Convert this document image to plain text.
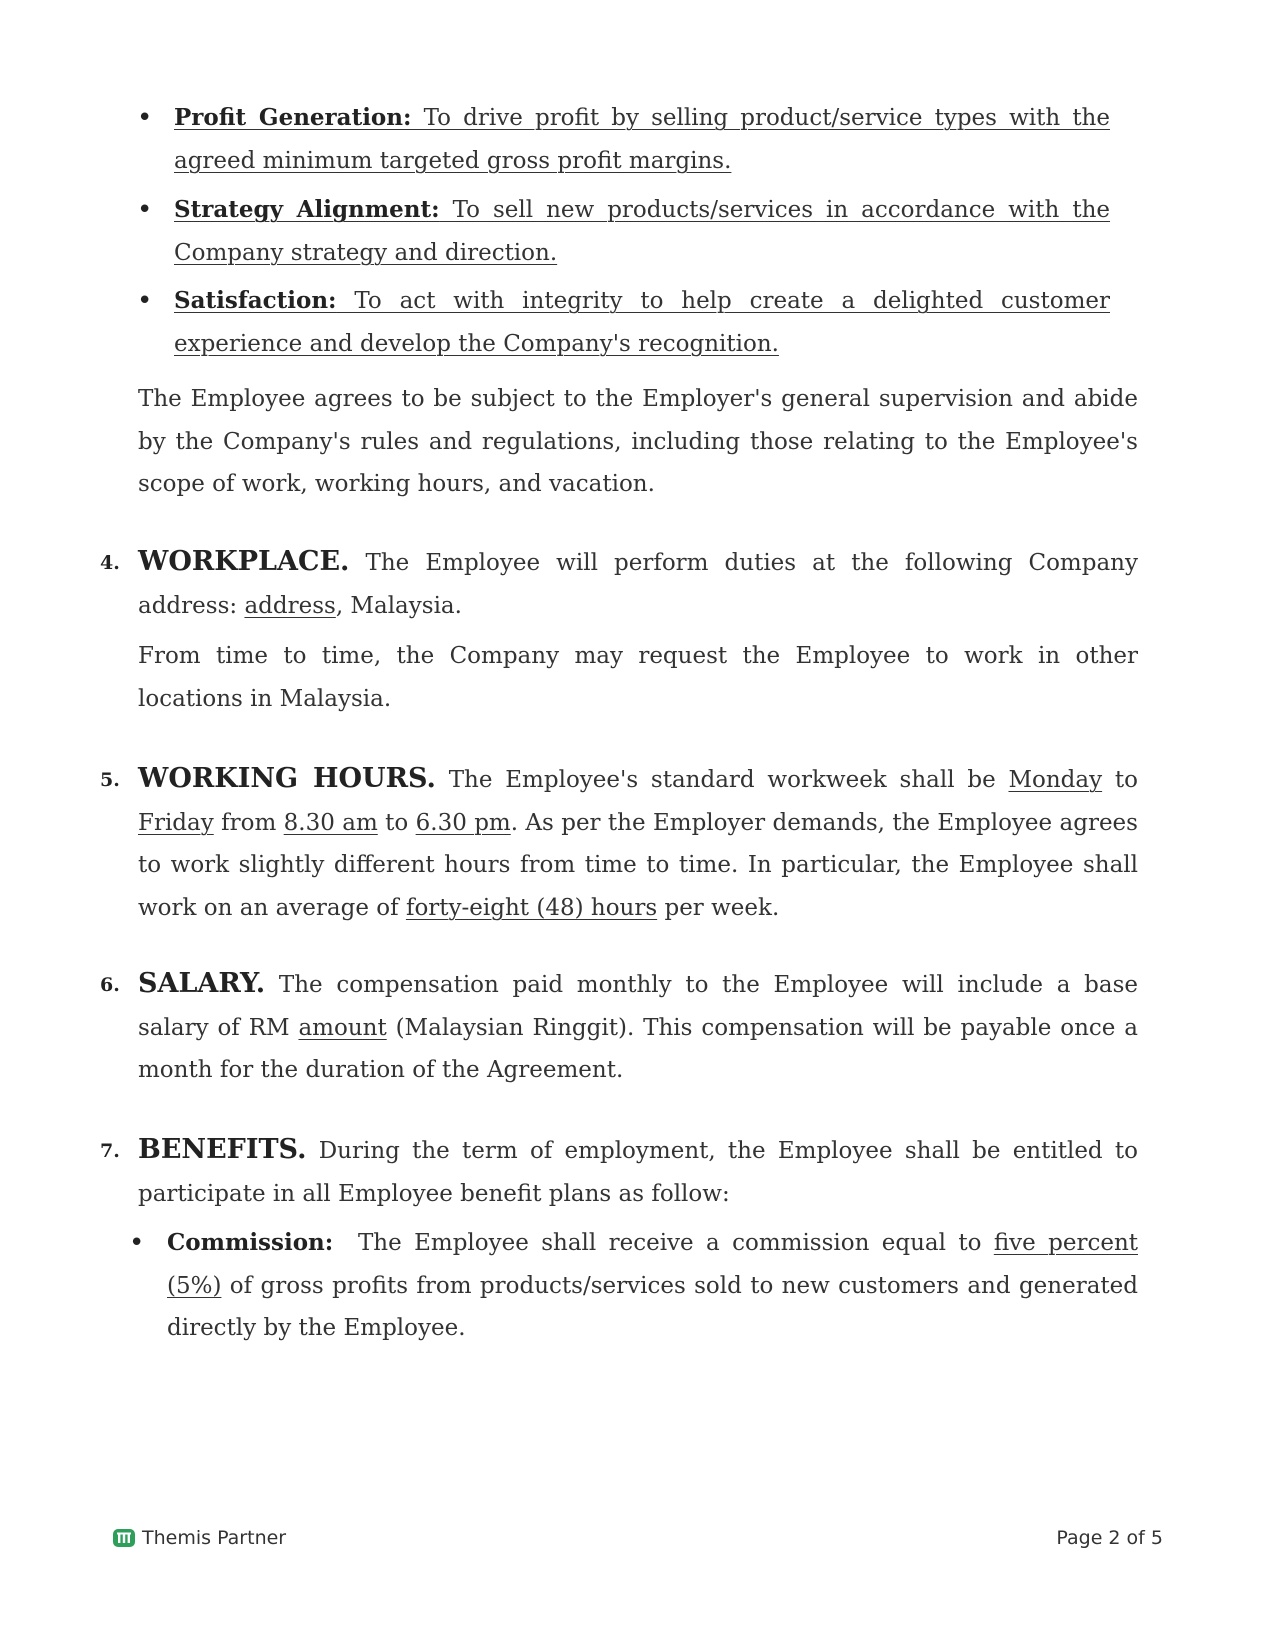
• Profit Generation: To drive profit by selling product/service types with the agreed minimum targeted gross profit margins.
• Strategy Alignment: To sell new products/services in accordance with the Company strategy and direction.
• Satisfaction: To act with integrity to help create a delighted customer experience and develop the Company's recognition.
The Employee agrees to be subject to the Employer's general supervision and abide by the Company's rules and regulations, including those relating to the Employee's scope of work, working hours, and vacation.
4. WORKPLACE. The Employee will perform duties at the following Company address: address, Malaysia.
From time to time, the Company may request the Employee to work in other locations in Malaysia.
5. WORKING HOURS. The Employee's standard workweek shall be Monday to Friday from 8.30 am to 6.30 pm. As per the Employer demands, the Employee agrees to work slightly different hours from time to time. In particular, the Employee shall work on an average of forty-eight (48) hours per week.
6. SALARY. The compensation paid monthly to the Employee will include a base salary of RM amount (Malaysian Ringgit). This compensation will be payable once a month for the duration of the Agreement.
7. BENEFITS. During the term of employment, the Employee shall be entitled to participate in all Employee benefit plans as follow:
• Commission:  The Employee shall receive a commission equal to five percent (5%) of gross profits from products/services sold to new customers and generated directly by the Employee.
Themis Partner	Page 2 of 5
